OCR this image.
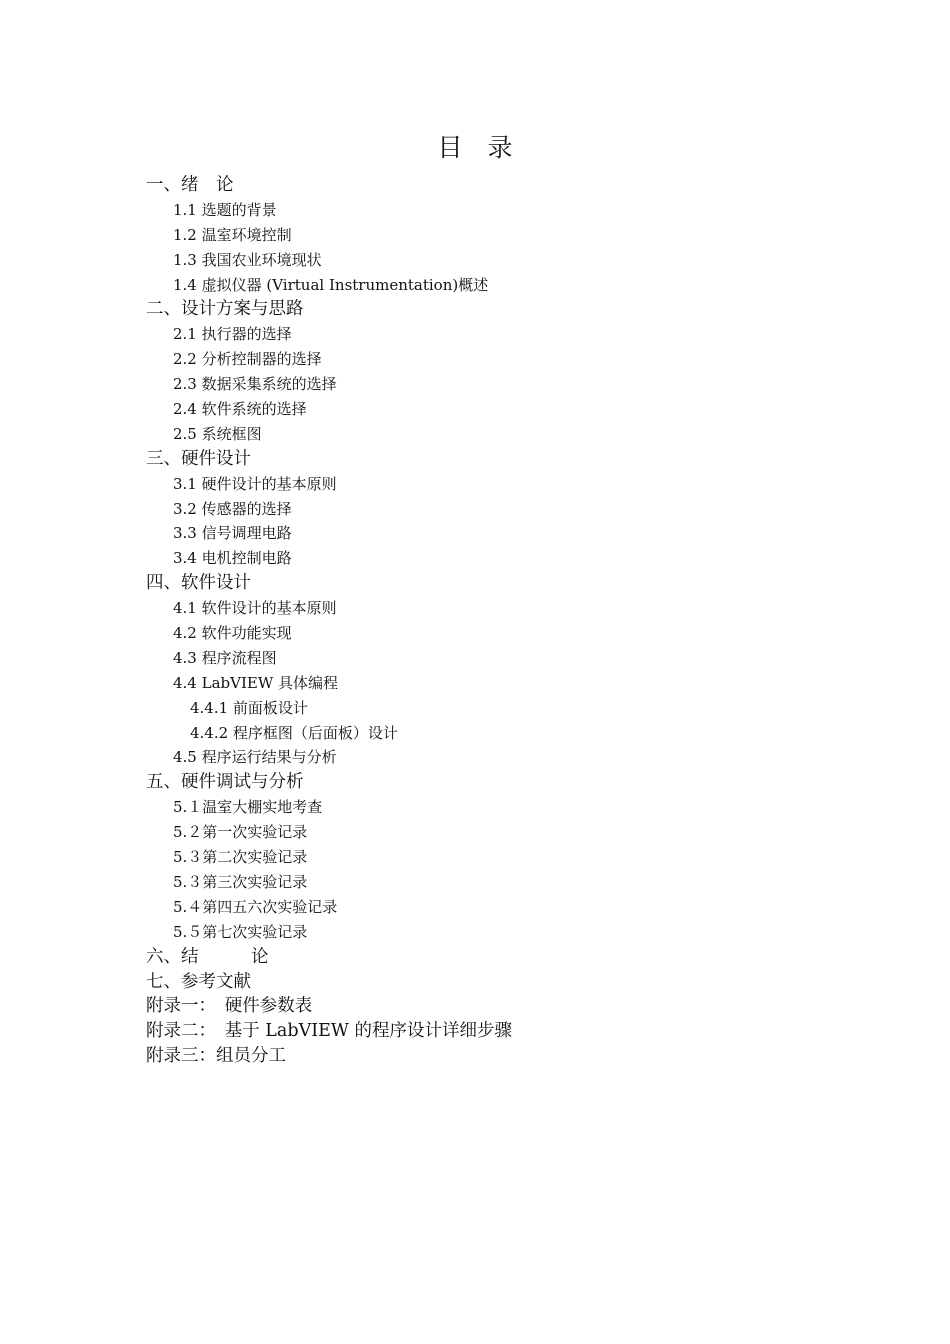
目　录
一、绪　论
1.1 选题的背景
1.2 温室环境控制
1.3 我国农业环境现状
1.4 虚拟仪器 (Virtual Instrumentation)概述
二、设计方案与思路
2.1 执行器的选择
2.2 分析控制器的选择
2.3 数据采集系统的选择
2.4 软件系统的选择
2.5 系统框图
三、硬件设计
3.1 硬件设计的基本原则
3.2 传感器的选择
3.3 信号调理电路
3.4 电机控制电路
四、软件设计
4.1 软件设计的基本原则
4.2 软件功能实现
4.3 程序流程图
4.4 LabVIEW 具体编程
4.4.1 前面板设计
4.4.2 程序框图（后面板）设计
4.5 程序运行结果与分析
五、硬件调试与分析
5.１温室大棚实地考查
5.２第一次实验记录
5.３第二次实验记录
5.３第三次实验记录
5.４第四五六次实验记录
5.５第七次实验记录
六、结　　　论
七、参考文献
附录一：　硬件参数表
附录二：　基于 LabVIEW 的程序设计详细步骤
附录三：组员分工
